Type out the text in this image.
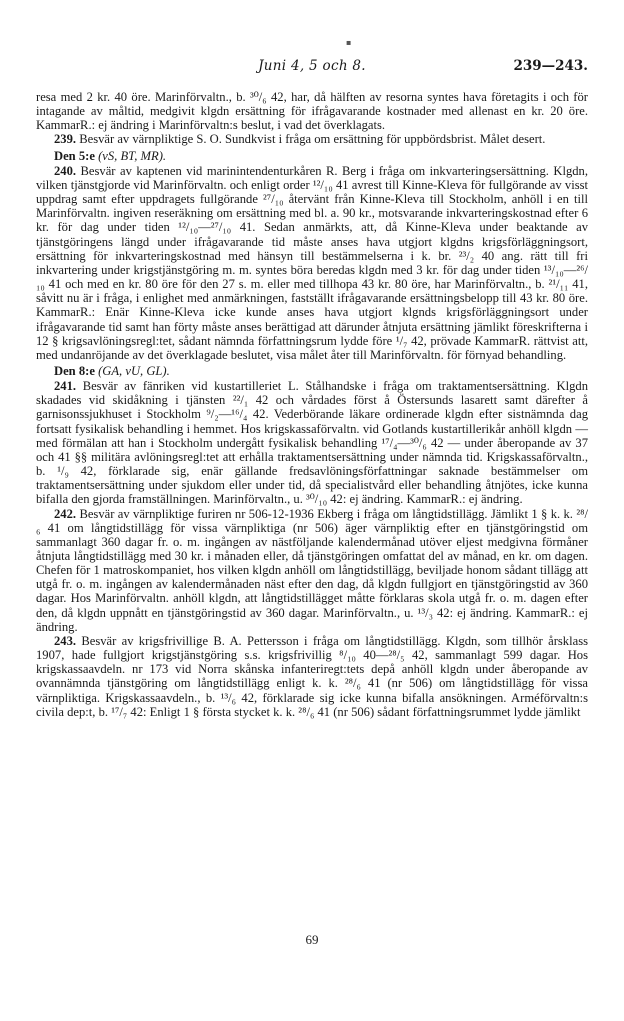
▪
Juni 4, 5 och 8.	239—243.

resa med 2 kr. 40 öre. Marinförvaltn., b. ³⁰/₆ 42, har, då hälften av resorna syntes hava företagits i och för intagande av måltid, medgivit klgdn ersättning för ifrågavarande kostnader med allenast en kr. 20 öre. KammarR.: ej ändring i Marinförvaltn:s beslut, i vad det överklagats.

239. Besvär av värnpliktige S. O. Sundkvist i fråga om ersättning för uppbördsbrist. Målet desert.

Den 5:e (vS, BT, MR).

240. Besvär av kaptenen vid marinintendenturkåren R. Berg i fråga om inkvarteringsersättning. Klgdn, vilken tjänstgjorde vid Marinförvaltn. och enligt order ¹²/₁₀ 41 avrest till Kinne-Kleva för fullgörande av visst uppdrag samt efter uppdragets fullgörande ²⁷/₁₀ återvänt från Kinne-Kleva till Stockholm, anhöll i en till Marinförvaltn. ingiven reseräkning om ersättning med bl. a. 90 kr., motsvarande inkvarteringskostnad efter 6 kr. för dag under tiden ¹²/₁₀—²⁷/₁₀ 41. Sedan anmärkts, att, då Kinne-Kleva under beaktande av tjänstgöringens längd under ifrågavarande tid måste anses hava utgjort klgdns krigsförläggningsort, ersättning för inkvarteringskostnad med hänsyn till bestämmelserna i k. br. ²³/₂ 40 ang. rätt till fri inkvartering under krigstjänstgöring m. m. syntes böra beredas klgdn med 3 kr. för dag under tiden ¹³/₁₀—²⁶/₁₀ 41 och med en kr. 80 öre för den 27 s. m. eller med tillhopa 43 kr. 80 öre, har Marinförvaltn., b. ²¹/₁₁ 41, såvitt nu är i fråga, i enlighet med anmärkningen, fastställt ifrågavarande ersättningsbelopp till 43 kr. 80 öre. KammarR.: Enär Kinne-Kleva icke kunde anses hava utgjort klgnds krigsförläggningsort under ifrågavarande tid samt han förty måste anses berättigad att därunder åtnjuta ersättning jämlikt föreskrifterna i 12 § krigsavlöningsregl:tet, sådant nämnda författningsrum lydde före ¹/₇ 42, prövade KammarR. rättvist att, med undanröjande av det överklagade beslutet, visa målet åter till Marinförvaltn. för förnyad behandling.

Den 8:e (GA, vU, GL).

241. Besvär av fänriken vid kustartilleriet L. Stålhandske i fråga om traktamentsersättning. Klgdn skadades vid skidåkning i tjänsten ²²/₁ 42 och vårdades först å Östersunds lasarett samt därefter å garnisonssjukhuset i Stockholm ⁹/₂—¹⁶/₄ 42. Vederbörande läkare ordinerade klgdn efter sistnämnda dag fortsatt fysikalisk behandling i hemmet. Hos krigskassaförvaltn. vid Gotlands kustartillerikår anhöll klgdn — med förmälan att han i Stockholm undergått fysikalisk behandling ¹⁷/₄—³⁰/₆ 42 — under åberopande av 37 och 41 §§ militära avlöningsregl:tet att erhålla traktamentsersättning under nämnda tid. Krigskassaförvaltn., b. ¹/₉ 42, förklarade sig, enär gällande fredsavlöningsförfattningar saknade bestämmelser om traktamentsersättning under sjukdom eller under tid, då specialistvård eller behandling åtnjötes, icke kunna bifalla den gjorda framställningen. Marinförvaltn., u. ³⁰/₁₀ 42: ej ändring. KammarR.: ej ändring.

242. Besvär av värnpliktige furiren nr 506-12-1936 Ekberg i fråga om långtidstillägg. Jämlikt 1 § k. k. ²⁸/₆ 41 om långtidstillägg för vissa värnpliktiga (nr 506) äger värnpliktig efter en tjänstgöringstid om sammanlagt 360 dagar fr. o. m. ingången av nästföljande kalendermånad utöver eljest medgivna förmåner åtnjuta långtidstillägg med 30 kr. i månaden eller, då tjänstgöringen omfattat del av månad, en kr. om dagen. Chefen för 1 matroskompaniet, hos vilken klgdn anhöll om långtidstillägg, beviljade honom sådant tillägg att utgå fr. o. m. ingången av kalendermånaden näst efter den dag, då klgdn fullgjort en tjänstgöringstid av 360 dagar. Hos Marinförvaltn. anhöll klgdn, att långtidstillägget måtte förklaras skola utgå fr. o. m. dagen efter den, då klgdn uppnått en tjänstgöringstid av 360 dagar. Marinförvaltn., u. ¹³/₃ 42: ej ändring. KammarR.: ej ändring.

243. Besvär av krigsfrivillige B. A. Pettersson i fråga om långtidstillägg. Klgdn, som tillhör årsklass 1907, hade fullgjort krigstjänstgöring s.s. krigsfrivillig ⁸/₁₀ 40—²⁸/₅ 42, sammanlagt 599 dagar. Hos krigskassaavdeln. nr 173 vid Norra skånska infanteriregt:tets depå anhöll klgdn under åberopande av ovannämnda tjänstgöring om långtidstillägg enligt k. k. ²⁸/₆ 41 (nr 506) om långtidstillägg för vissa värnpliktiga. Krigskassaavdeln., b. ¹³/₆ 42, förklarade sig icke kunna bifalla ansökningen. Arméförvaltn:s civila dep:t, b. ¹⁷/₇ 42: Enligt 1 § första stycket k. k. ²⁸/₆ 41 (nr 506) sådant författningsrummet lydde jämlikt

69
